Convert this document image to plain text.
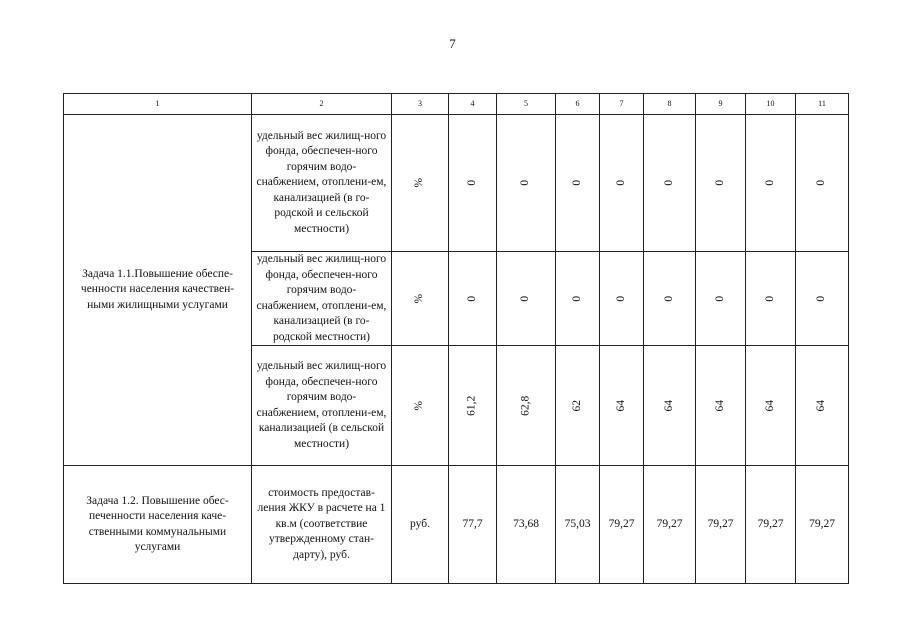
7
1	2	3	4	5	6	7	8	9	10	11
Задача 1.1.Повышение обеспе-ченности населения качествен-ными жилищными услугами	удельный вес жилищ-ного фонда, обеспечен-ного горячим водо-снабжением, отоплени-ем, канализацией (в го-родской и сельской местности)	%	0	0	0	0	0	0	0	0
	удельный вес жилищ-ного фонда, обеспечен-ного горячим водо-снабжением, отоплени-ем, канализацией (в го-родской местности)	%	0	0	0	0	0	0	0	0
	удельный вес жилищ-ного фонда, обеспечен-ного горячим водо-снабжением, отоплени-ем, канализацией (в сельской местности)	%	61,2	62,8	62	64	64	64	64	64
Задача 1.2. Повышение обес-печенности населения каче-ственными коммунальными услугами	стоимость предостав-ления ЖКУ в расчете на 1 кв.м (соответствие утвержденному стан-дарту), руб.	руб.	77,7	73,68	75,03	79,27	79,27	79,27	79,27	79,27
